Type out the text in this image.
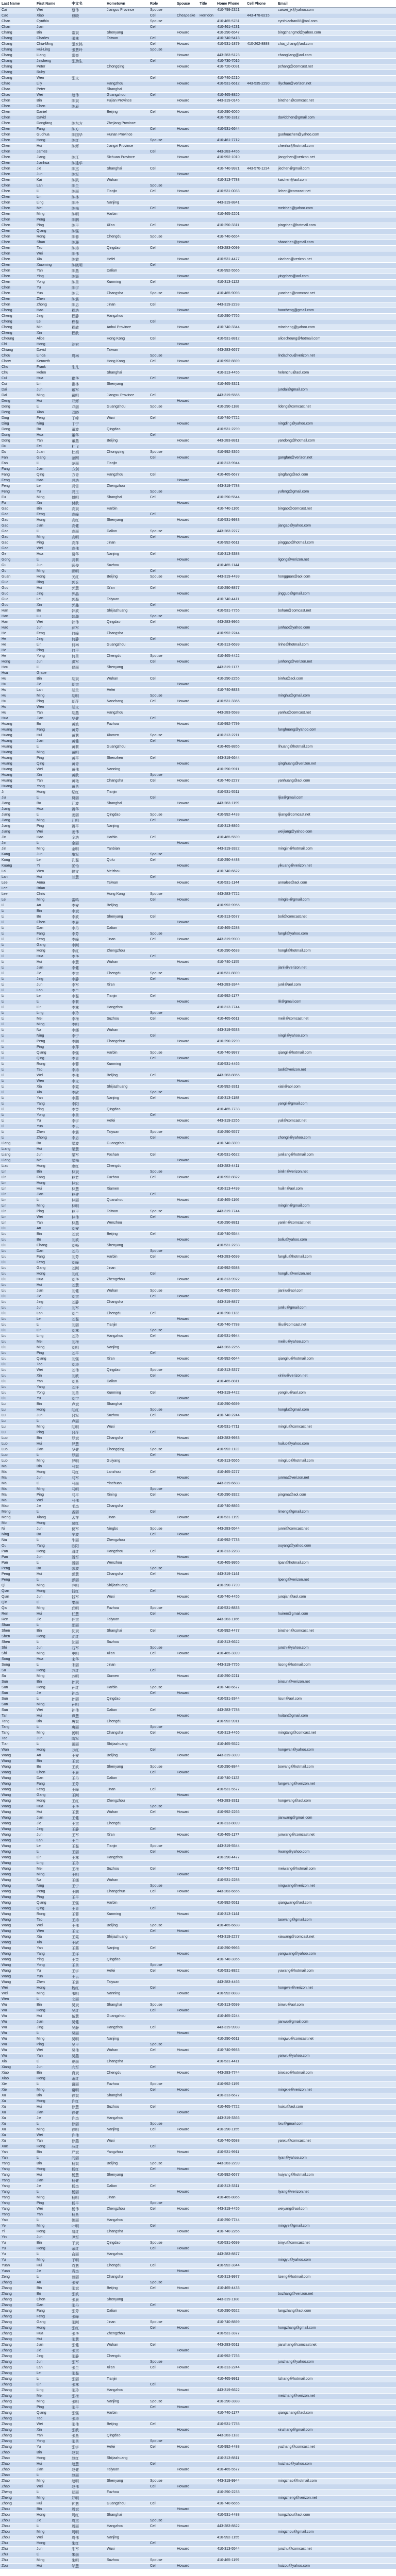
Last Name	First Name	中文名	Hometown	Role	Spouse	Title	Home Phone	Cell Phone	Email
Cai	Wei	蔡伟	Jiangsu Province	Spouse			410-799-2321		caiwei_jx@yahoo.com
Cao	Xiao	曹晓		Cell	Cheapeake	Herndon		443-478-8215	
Chan	Cynthia			Spouse			410-465-5781		cynthiachan88@aol.com
Chan	Jian			Cell			410-461-4231		
Chang	Bin	常斌	Shenyang		Howard		410-290-6547		bingchangmd@yahoo.com
Chang	Charles	張林	Taiwan	Cell			410-740-5413		
Chang	Chia-Ming	張家銘		Cell	Howard		410-531-1879	410-262-8888	chia_chang@aol.com
Chang	Hui-Ling	張慧玲		Spouse					
Chang	Liang	常亮			Howard		443-283-5123		changliang@aol.com
Chang	Jinsheng	张劲生		Cell			410-730-7016		
Chang	Peter		Chongqing		Howard		410-720-0031		pchang@comcast.net
Chang	Ruby								
Chang	Wen	张文		Cell			410-740-2210		
Chao	Lily		Hangzhou		Howard		410-531-6612	443-535-2290	lilychao@verizon.net
Chao	Peter		Shanghai						
Chao	Wei	赵伟	Guangzhou	Cell			410-465-8820		
Chen	Bin	陈斌	Fujian Province		Howard		443-319-0145		binchen@comcast.net
Chen	Chen	陈辰							
Chen	Daniel		Beijing	Cell	Howard		410-290-6060		
Chen	David						410-730-1812		davidchen@gmail.com
Chen	Dongfang	陈东方	Zhejiang Province						
Chen	Fang	陈方		Cell	Howard		410-531-6644		
Chen	Guohua	陈国华	Hunan Province						guohuachen@yahoo.com
Chen	Hong	陈红		Spouse			410-461-7712		
Chen	Hui	陈辉	Jiangxi Province		Howard				chenhui@hotmail.com
Chen	James			Cell			443-283-4455		
Chen	Jiang	陈江	Sichuan Province		Howard		410-992-1010		jiangchen@verizon.net
Chen	Jianhua	陈建华							
Chen	Jie	陈杰	Shanghai	Cell			410-740-9921	443-570-1234	jiechen@gmail.com
Chen	Jun	陈军			Howard				
Chen	Kai	陈凯	Wuhan				410-313-7788		kaichen@aol.com
Chen	Lan	陈兰		Spouse					
Chen	Li	陈丽	Tianjin	Cell	Howard		410-531-0033		lichen@comcast.net
Chen	Lin	陈林							
Chen	Ling	陈玲	Nanjing				443-319-8841		
Chen	Mei	陈梅		Cell	Howard				meichen@yahoo.com
Chen	Ming	陈明	Harbin				410-465-2201		
Chen	Peng	陈鹏							
Chen	Ping	陈平	Xi'an	Cell	Howard		410-290-3311		pingchen@hotmail.com
Chen	Qiang	陈强							
Chen	Rong	陈蓉	Chengdu	Spouse			410-740-6654		
Chen	Shan	陈珊			Howard				shanchen@gmail.com
Chen	Tao	陈涛	Qingdao	Cell			443-283-0099		
Chen	Wei	陈伟							
Chen	Xia	陈霞	Hefei		Howard		410-531-4477		xiachen@verizon.net
Chen	Xiaoming	陈晓明		Cell					
Chen	Yan	陈燕	Dalian				410-992-5566		
Chen	Ying	陈颖			Howard				yingchen@aol.com
Chen	Yong	陈勇	Kunming	Cell			410-313-1122		
Chen	Yu	陈宇							
Chen	Yun	陈云	Changsha	Spouse	Howard		410-465-9098		yunchen@comcast.net
Chen	Zhen	陈震							
Chen	Zhong	陈忠	Jinan	Cell			443-319-2233		
Cheng	Hao	程浩			Howard				haocheng@gmail.com
Cheng	Jing	程静	Hangzhou				410-290-7766		
Cheng	Lei	程磊		Cell					
Cheng	Min	程敏	Anhui Province		Howard		410-740-3344		mincheng@yahoo.com
Cheng	Xin	程欣							
Cheung	Alice		Hong Kong	Cell			410-531-8812		alicecheung@hotmail.com
Chi	Hong	池宏			Howard				
Chiang	David		Taiwan				443-283-6677		
Chou	Linda	周琳		Spouse					lindachou@verizon.net
Chow	Kenneth		Hong Kong	Cell	Howard		410-992-8899		
Chu	Frank	朱凡							
Chu	Helen		Shanghai				410-313-4455		helenchu@aol.com
Cui	Hua	崔华		Cell	Howard				
Cui	Lin	崔林	Shenyang				410-465-3321		
Dai	Jun	戴军							jundai@gmail.com
Dai	Ming	戴明	Jiangsu Province	Cell			443-319-5566		
Deng	Hui	邓辉			Howard				
Deng	Li	邓丽	Guangzhou	Spouse			410-290-1188		lideng@comcast.net
Deng	Xiao	邓晓							
Ding	Feng	丁峰	Wuxi	Cell			410-740-7722		
Ding	Ning	丁宁			Howard				ningding@yahoo.com
Dong	Bo	董波	Qingdao				410-531-2299		
Dong	Hua	董华		Cell					
Dong	Yan	董燕	Beijing		Howard		443-283-8811		yandong@hotmail.com
Du	Fei	杜飞							
Du	Juan	杜娟	Chongqing	Spouse			410-992-3366		
Fan	Gang	范刚		Cell	Howard				gangfan@verizon.net
Fan	Li	范丽	Tianjin				410-313-9944		
Fang	Jian	方剑							
Fang	Qing	方青	Hangzhou	Cell			410-465-6677		qingfang@aol.com
Feng	Hao	冯浩			Howard				
Feng	Lei	冯雷	Zhengzhou				443-319-7788		
Feng	Yu	冯玉		Spouse					yufeng@gmail.com
Fu	Ming	傅明	Shanghai	Cell			410-290-5544		
Fu	Xin	付欣			Howard				
Gao	Bin	高斌	Harbin				410-740-1166		bingao@comcast.net
Gao	Feng	高峰		Cell					
Gao	Hong	高红	Shenyang		Howard		410-531-9933		
Gao	Jian	高健							jiangao@yahoo.com
Gao	Li	高丽	Dalian	Spouse			443-283-2277		
Gao	Ming	高明		Cell	Howard				
Gao	Ping	高萍	Jinan				410-992-6611		pinggao@hotmail.com
Gao	Wei	高伟							
Ge	Hua	葛华	Nanjing	Cell			410-313-3388		
Gong	Li	龚莉			Howard				ligong@verizon.net
Gu	Jun	顾俊	Suzhou				410-465-1144		
Gu	Ming	顾明		Cell					
Guan	Hong	关红	Beijing	Spouse	Howard		443-319-4499		hongguan@aol.com
Guo	Bing	郭兵							
Guo	Hui	郭慧	Xi'an	Cell			410-290-8877		
Guo	Jing	郭晶			Howard				jingguo@gmail.com
Guo	Lei	郭磊	Taiyuan				410-740-4411		
Guo	Xin	郭鑫		Cell					
Han	Bo	韩波	Shijiazhuang		Howard		410-531-7755		bohan@comcast.net
Han	Lu	韩璐		Spouse					
Han	Wei	韩伟	Qingdao	Cell			443-283-9966		
Hao	Jun	郝军			Howard				junhao@yahoo.com
He	Feng	何峰	Changsha				410-992-2244		
He	Jing	何静		Cell					
He	Lin	何琳	Guangzhou		Howard		410-313-6699		linhe@hotmail.com
He	Ping	何平							
He	Yong	何勇	Chengdu	Spouse			410-465-4422		
Hong	Jun	洪军		Cell	Howard				junhong@verizon.net
Hou	Li	侯丽	Shenyang				443-319-1177		
Hsu	Grace								
Hu	Bin	胡斌	Wuhan	Cell			410-290-2255		binhu@aol.com
Hu	Jie	胡杰			Howard				
Hu	Lan	胡兰	Hefei				410-740-8833		
Hu	Ming	胡明		Spouse					minghu@gmail.com
Hu	Ping	胡萍	Nanchang	Cell	Howard		410-531-3366		
Hu	Wen	胡文							
Hu	Yan	胡燕	Hangzhou				443-283-5588		yanhu@comcast.net
Hua	Jian	华健		Cell					
Huang	Bo	黄波	Fuzhou		Howard		410-992-7799		
Huang	Fang	黄芳							fanghuang@yahoo.com
Huang	Hui	黄慧	Xiamen	Spouse			410-313-2211		
Huang	Jian	黄健		Cell	Howard				
Huang	Li	黄莉	Guangzhou				410-465-8855		lihuang@hotmail.com
Huang	Ming	黄明							
Huang	Ping	黄平	Shenzhen	Cell			443-319-6644		
Huang	Qing	黄青			Howard				qinghuang@verizon.net
Huang	Wei	黄伟	Nanning				410-290-9911		
Huang	Xin	黄欣		Spouse					
Huang	Yan	黄艳	Changsha	Cell	Howard		410-740-2277		yanhuang@aol.com
Huang	Yong	黄勇							
Ji	Hong	纪红	Tianjin				410-531-5511		
Jia	Li	贾丽		Cell					lijia@gmail.com
Jiang	Bo	江波	Shanghai		Howard		443-283-1199		
Jiang	Hua	蒋华							
Jiang	Li	姜丽	Qingdao	Spouse			410-992-4433		lijiang@comcast.net
Jiang	Ming	江明		Cell	Howard				
Jiang	Ping	蒋平	Nanjing				410-313-8866		
Jiang	Wei	姜伟							weijiang@yahoo.com
Jin	Hao	金浩	Harbin	Cell			410-465-5599		
Jin	Li	金丽			Howard				
Jin	Ming	金明	Yanbian				443-319-3322		mingjin@hotmail.com
Kang	Jun	康军		Spouse					
Kong	Lei	孔磊	Qufu	Cell			410-290-4488		
Kuang	Yi	匡怡			Howard				yikuang@verizon.net
Lai	Wen	赖文	Meizhou				410-740-6622		
Lan	Hui	兰慧		Cell					
Lee	Anna		Taiwan		Howard		410-531-1144		annalee@aol.com
Lee	Brian								
Lee	Chris		Hong Kong	Spouse			443-283-7722		
Lei	Ming	雷鸣		Cell	Howard				minglei@gmail.com
Li	An	李安	Beijing				410-992-9955		
Li	Bin	李斌							
Li	Bo	李波	Shenyang	Cell			410-313-5577		boli@comcast.net
Li	Chen	李晨			Howard				
Li	Dan	李丹	Dalian				410-465-2288		
Li	Fang	李芳		Spouse					fangli@yahoo.com
Li	Feng	李峰	Jinan	Cell	Howard		443-319-9900		
Li	Gang	李刚							
Li	Hong	李红	Zhengzhou				410-290-6633		hongli@hotmail.com
Li	Hua	李华		Cell					
Li	Hui	李慧	Wuhan		Howard		410-740-1155		
Li	Jian	李健							jianli@verizon.net
Li	Jie	李杰	Chengdu	Spouse			410-531-8899		
Li	Jing	李静		Cell	Howard				
Li	Jun	李军	Xi'an				443-283-3344		junli@aol.com
Li	Lan	李兰							
Li	Lei	李磊	Tianjin	Cell			410-992-1177		
Li	Li	李莉			Howard				lili@gmail.com
Li	Lin	李林	Hangzhou				410-313-7744		
Li	Ling	李玲		Spouse					
Li	Mei	李梅	Suzhou	Cell	Howard		410-465-6611		meili@comcast.net
Li	Ming	李明							
Li	Na	李娜	Wuhan				443-319-5533		
Li	Ning	李宁		Cell					ningli@yahoo.com
Li	Peng	李鹏	Changchun		Howard		410-290-2299		
Li	Ping	李萍							
Li	Qiang	李强	Harbin	Spouse			410-740-9977		qiangli@hotmail.com
Li	Qing	李青		Cell	Howard				
Li	Rong	李蓉	Kunming				410-531-4466		
Li	Tao	李涛							taoli@verizon.net
Li	Wei	李伟	Beijing	Cell			443-283-8855		
Li	Wen	李文			Howard				
Li	Xia	李霞	Shijiazhuang				410-992-3311		xiali@aol.com
Li	Xin	李欣		Spouse					
Li	Yan	李燕	Nanjing	Cell	Howard		410-313-1188		
Li	Yang	李阳							yangli@gmail.com
Li	Ying	李英	Qingdao				410-465-7733		
Li	Yong	李勇		Cell					
Li	Yu	李宇	Hefei		Howard		443-319-2266		yuli@comcast.net
Li	Yun	李云							
Li	Zhen	李震	Taiyuan	Spouse			410-290-5577		
Li	Zhong	李忠		Cell	Howard				zhongli@yahoo.com
Liang	Bo	梁波	Guangzhou				410-740-3399		
Liang	Hui	梁慧							
Liang	Jun	梁军	Foshan	Cell			410-531-6622		junliang@hotmail.com
Liang	Mei	梁梅			Howard				
Liao	Hong	廖红	Chengdu				443-283-4411		
Lin	Bin	林斌		Spouse					binlin@verizon.net
Lin	Fang	林芳	Fuzhou	Cell	Howard		410-992-8822		
Lin	Hong	林宏							
Lin	Hui	林慧	Xiamen				410-313-4499		huilin@aol.com
Lin	Jian	林建		Cell					
Lin	Li	林丽	Quanzhou		Howard		410-465-1166		
Lin	Ming	林明							minglin@gmail.com
Lin	Ping	林平	Taiwan	Spouse			443-319-7744		
Lin	Wei	林伟		Cell	Howard				
Lin	Yan	林燕	Wenzhou				410-290-8811		yanlin@comcast.net
Liu	An	刘安							
Liu	Bin	刘斌	Beijing	Cell			410-740-5544		
Liu	Bo	刘波			Howard				boliu@yahoo.com
Liu	Chang	刘畅	Shenyang				410-531-2233		
Liu	Dan	刘丹		Spouse					
Liu	Fang	刘芳	Harbin	Cell	Howard		443-283-6699		fangliu@hotmail.com
Liu	Feng	刘峰							
Liu	Gang	刘刚	Jinan				410-992-5588		
Liu	Hong	刘红		Cell					hongliu@verizon.net
Liu	Hua	刘华	Zhengzhou		Howard		410-313-9922		
Liu	Hui	刘慧							
Liu	Jian	刘健	Wuhan	Spouse			410-465-3355		jianliu@aol.com
Liu	Jie	刘杰		Cell	Howard				
Liu	Jing	刘静	Changsha				443-319-8877		
Liu	Jun	刘军							junliu@gmail.com
Liu	Lan	刘兰	Chengdu	Cell			410-290-1133		
Liu	Lei	刘磊			Howard				
Liu	Li	刘丽	Tianjin				410-740-7788		liliu@comcast.net
Liu	Lin	刘林		Spouse					
Liu	Ling	刘玲	Hangzhou	Cell	Howard		410-531-9944		
Liu	Mei	刘梅							meiliu@yahoo.com
Liu	Ming	刘明	Nanjing				443-283-2255		
Liu	Ping	刘平		Cell					
Liu	Qiang	刘强	Xi'an		Howard		410-992-6644		qiangliu@hotmail.com
Liu	Tao	刘涛							
Liu	Wei	刘伟	Qingdao	Spouse			410-313-3377		
Liu	Xin	刘欣		Cell	Howard				xinliu@verizon.net
Liu	Yan	刘燕	Dalian				410-465-8811		
Liu	Yang	刘洋							
Liu	Yong	刘勇	Kunming	Cell			443-319-4422		yongliu@aol.com
Liu	Yu	刘宇			Howard				
Lu	Bin	卢斌	Shanghai				410-290-6699		
Lu	Hong	陆红		Spouse					honglu@gmail.com
Lu	Jun	吕军	Suzhou	Cell	Howard		410-740-2244		
Lu	Li	卢丽							
Lu	Ming	陆明	Wuxi				410-531-7711		minglu@comcast.net
Lu	Ping	吕萍		Cell					
Luo	Bin	罗斌	Changsha		Howard		443-283-9933		
Luo	Hui	罗慧							huiluo@yahoo.com
Luo	Jian	罗健	Chongqing	Spouse			410-992-1122		
Luo	Li	罗丽		Cell	Howard				
Luo	Ming	罗明	Guiyang				410-313-5566		mingluo@hotmail.com
Ma	Bin	马斌							
Ma	Hong	马红	Lanzhou	Cell			410-465-2277		
Ma	Jun	马军			Howard				junma@verizon.net
Ma	Li	马丽	Yinchuan				443-319-6688		
Ma	Ming	马明		Spouse					
Ma	Ping	马平	Xining	Cell	Howard		410-290-3322		pingma@aol.com
Ma	Wei	马伟							
Mao	Jie	毛杰	Changsha				410-740-8866		
Meng	Li	孟丽		Cell					limeng@gmail.com
Meng	Xiang	孟祥	Jinan		Howard		410-531-1199		
Mo	Hong	莫红							
Ni	Jun	倪军	Ningbo	Spouse			443-283-5544		junni@comcast.net
Ning	Bo	宁波		Cell	Howard				
Niu	Li	牛丽	Zhengzhou				410-992-7733		
Ou	Yang	欧阳							ouyang@yahoo.com
Pan	Hong	潘红	Hangzhou	Cell			410-313-2288		
Pan	Jun	潘军			Howard				
Pan	Li	潘丽	Wenzhou				410-465-9955		lipan@hotmail.com
Peng	Bo	彭波		Spouse					
Peng	Hui	彭慧	Changsha	Cell	Howard		443-319-1144		
Peng	Li	彭丽							lipeng@verizon.net
Qi	Ming	齐明	Shijiazhuang				410-290-7799		
Qian	Hong	钱红		Cell					
Qian	Jun	钱军	Wuxi		Howard		410-740-4455		junqian@aol.com
Qin	Li	秦丽							
Qiu	Ming	邱明	Fuzhou	Spouse			410-531-8833		
Ren	Hui	任慧		Cell	Howard				huiren@gmail.com
Ren	Jie	任杰	Taiyuan				443-283-1166		
Shao	Li	邵丽							
Shen	Bin	沈斌	Shanghai	Cell			410-992-4477		binshen@comcast.net
Shen	Hong	沈红			Howard				
Shen	Li	沈丽	Suzhou				410-313-6622		
Shi	Jun	石军		Spouse					junshi@yahoo.com
Shi	Ming	史明	Xi'an	Cell	Howard		410-465-3399		
Song	Hua	宋华							
Song	Li	宋丽	Jinan				443-319-7755		lisong@hotmail.com
Su	Hong	苏红		Cell					
Su	Ming	苏明	Xiamen		Howard		410-290-2211		
Sun	Bin	孙斌							binsun@verizon.net
Sun	Hong	孙红	Harbin	Spouse			410-740-6677		
Sun	Jie	孙杰		Cell	Howard				
Sun	Li	孙丽	Qingdao				410-531-3344		lisun@aol.com
Sun	Ming	孙明							
Sun	Wei	孙伟	Dalian	Cell			443-283-7788		
Tan	Hui	谭慧			Howard				huitan@gmail.com
Tang	Bin	唐斌	Chengdu				410-992-9911		
Tang	Li	唐丽		Spouse					
Tang	Ming	汤明	Changsha	Cell	Howard		410-313-4466		mingtang@comcast.net
Tao	Jun	陶军							
Tian	Li	田丽	Shijiazhuang				410-465-5522		
Wan	Hong	万红		Cell					hongwan@yahoo.com
Wang	An	王安	Beijing		Howard		443-319-3399		
Wang	Bin	王斌							
Wang	Bo	王波	Shenyang	Spouse			410-290-8844		bowang@hotmail.com
Wang	Chen	王晨		Cell	Howard				
Wang	Dan	王丹	Dalian				410-740-1122		
Wang	Fang	王芳							fangwang@verizon.net
Wang	Feng	王峰	Jinan	Cell			410-531-5577		
Wang	Gang	王刚			Howard				
Wang	Hong	王红	Zhengzhou				443-283-3311		hongwang@aol.com
Wang	Hua	王华		Spouse					
Wang	Hui	王慧	Wuhan	Cell	Howard		410-992-2266		
Wang	Jian	王健							jianwang@gmail.com
Wang	Jie	王杰	Chengdu				410-313-8899		
Wang	Jing	王静		Cell					
Wang	Jun	王军	Xi'an		Howard		410-465-1177		junwang@comcast.net
Wang	Lan	王兰							
Wang	Lei	王磊	Tianjin	Spouse			443-319-5544		
Wang	Li	王丽		Cell	Howard				liwang@yahoo.com
Wang	Lin	王林	Hangzhou				410-290-4477		
Wang	Ling	王玲							
Wang	Mei	王梅	Suzhou	Cell			410-740-7711		meiwang@hotmail.com
Wang	Ming	王明			Howard				
Wang	Na	王娜	Wuhan				410-531-2288		
Wang	Ning	王宁		Spouse					ningwang@verizon.net
Wang	Peng	王鹏	Changchun	Cell	Howard		443-283-6655		
Wang	Ping	王平							
Wang	Qiang	王强	Harbin				410-992-5511		qiangwang@aol.com
Wang	Qing	王青		Cell					
Wang	Rong	王蓉	Kunming		Howard		410-313-1144		
Wang	Tao	王涛							taowang@gmail.com
Wang	Wei	王伟	Beijing	Spouse			410-465-6688		
Wang	Wen	王文		Cell	Howard				
Wang	Xia	王霞	Shijiazhuang				443-319-2277		xiawang@comcast.net
Wang	Xin	王欣							
Wang	Yan	王燕	Nanjing	Cell			410-290-9966		
Wang	Yang	王洋			Howard				yangwang@yahoo.com
Wang	Ying	王英	Qingdao				410-740-3355		
Wang	Yong	王勇		Spouse					
Wang	Yu	王宇	Hefei	Cell	Howard		410-531-8822		yuwang@hotmail.com
Wang	Yun	王云							
Wang	Zhen	王震	Taiyuan				443-283-4466		
Wei	Hong	魏红		Cell					hongwei@verizon.net
Wei	Ming	韦明	Nanning		Howard		410-992-8833		
Wen	Li	文丽							
Wu	Bin	吴斌	Shanghai	Spouse			410-313-5599		binwu@aol.com
Wu	Hong	吴红		Cell	Howard				
Wu	Hui	伍慧	Guangzhou				410-465-2244		
Wu	Jian	吴健							jianwu@gmail.com
Wu	Jing	吴静	Hangzhou	Cell			443-319-9988		
Wu	Li	吴丽			Howard				
Wu	Ming	吴明	Nanjing				410-290-6611		mingwu@comcast.net
Wu	Ping	吴平		Spouse					
Wu	Wei	吴伟	Wuhan	Cell	Howard		410-740-9933		
Wu	Yan	吴燕							yanwu@yahoo.com
Xia	Li	夏丽	Changsha				410-531-4411		
Xiang	Jun	向军		Cell					
Xiao	Bin	肖斌	Chengdu		Howard		443-283-7744		binxiao@hotmail.com
Xiao	Hong	萧红							
Xie	Li	谢丽	Fuzhou	Spouse			410-992-1199		
Xie	Ming	谢明		Cell	Howard				mingxie@verizon.net
Xu	Bin	徐斌	Shanghai				410-313-6677		
Xu	Hong	许红							
Xu	Hui	徐慧	Suzhou	Cell			410-465-7722		huixu@aol.com
Xu	Jian	徐健			Howard				
Xu	Jie	许杰	Hangzhou				443-319-3366		
Xu	Li	徐丽		Spouse					lixu@gmail.com
Xu	Ming	徐明	Nanjing	Cell	Howard		410-290-1155		
Xu	Wei	许伟							
Xu	Yan	徐燕	Wuxi				410-740-5588		yanxu@comcast.net
Xue	Hong	薛红		Cell					
Yan	Bin	严斌	Yangzhou		Howard		410-531-9911		
Yan	Li	闫丽							liyan@yahoo.com
Yang	Bin	杨斌	Beijing	Spouse			443-283-2299		
Yang	Hong	杨红		Cell	Howard				
Yang	Hui	杨慧	Shenyang				410-992-6677		huiyang@hotmail.com
Yang	Jian	杨健							
Yang	Jie	杨杰	Dalian	Cell			410-313-3311		
Yang	Li	杨丽			Howard				liyang@verizon.net
Yang	Ming	杨明	Jinan				410-465-8866		
Yang	Ping	杨平		Spouse					
Yang	Wei	杨伟	Zhengzhou	Cell	Howard		443-319-4455		weiyang@aol.com
Yang	Yan	杨燕							
Yao	Li	姚丽	Hangzhou				410-290-7744		
Ye	Ming	叶明		Cell					mingye@gmail.com
Yi	Hong	易红	Changsha		Howard		410-740-2266		
Yin	Jun	尹军							
Yu	Bin	于斌	Qingdao	Spouse			410-531-6699		binyu@comcast.net
Yu	Hong	余红		Cell	Howard				
Yu	Li	俞丽	Hangzhou				443-283-8877		
Yu	Ming	于明							mingyu@yahoo.com
Yuan	Hui	袁慧	Chengdu	Cell			410-992-3344		
Yuan	Jie	袁杰			Howard				
Zeng	Li	曾丽	Changsha				410-313-9977		lizeng@hotmail.com
Zhang	An	张安		Spouse					
Zhang	Bin	张斌	Beijing	Cell	Howard		410-465-4433		
Zhang	Bo	张波							bozhang@verizon.net
Zhang	Chen	张晨	Shenyang				443-319-1188		
Zhang	Dan	张丹		Cell					
Zhang	Fang	张芳	Dalian		Howard		410-290-5522		fangzhang@aol.com
Zhang	Feng	张峰							
Zhang	Gang	张刚	Jinan	Spouse			410-740-8899		
Zhang	Hong	张红		Cell	Howard				hongzhang@gmail.com
Zhang	Hua	张华	Zhengzhou				410-531-3377		
Zhang	Hui	张慧							
Zhang	Jian	张健	Wuhan	Cell			443-283-5511		jianzhang@comcast.net
Zhang	Jie	张杰			Howard				
Zhang	Jing	张静	Chengdu				410-992-7766		
Zhang	Jun	张军		Spouse					junzhang@yahoo.com
Zhang	Lan	张兰	Xi'an	Cell	Howard		410-313-2244		
Zhang	Lei	张磊							
Zhang	Li	张丽	Tianjin				410-465-9911		lizhang@hotmail.com
Zhang	Lin	张林		Cell					
Zhang	Ling	张玲	Hangzhou		Howard		443-319-6622		
Zhang	Mei	张梅							meizhang@verizon.net
Zhang	Ming	张明	Nanjing	Spouse			410-290-3388		
Zhang	Ping	张平		Cell	Howard				
Zhang	Qiang	张强	Harbin				410-740-1177		qiangzhang@aol.com
Zhang	Tao	张涛							
Zhang	Wei	张伟	Beijing	Cell			410-531-7755		
Zhang	Xin	张欣			Howard				xinzhang@gmail.com
Zhang	Yan	张燕	Qingdao				443-283-1133		
Zhang	Yong	张勇		Spouse					
Zhang	Yu	张宇	Hefei	Cell	Howard		410-992-4488		yuzhang@comcast.net
Zhao	Bin	赵斌							
Zhao	Hong	赵红	Shijiazhuang				410-313-8811		
Zhao	Hui	赵慧		Cell					huizhao@yahoo.com
Zhao	Jian	赵健	Taiyuan		Howard		410-465-5577		
Zhao	Li	赵丽							
Zhao	Ming	赵明	Shenyang	Spouse			443-319-9944		mingzhao@hotmail.com
Zhao	Wei	赵伟		Cell	Howard				
Zheng	Li	郑丽	Fuzhou				410-290-2233		
Zheng	Ming	郑明							mingzheng@verizon.net
Zhong	Hui	钟慧	Guangzhou	Cell			410-740-6655		
Zhou	Bin	周斌			Howard				
Zhou	Hong	周红	Shanghai				410-531-4488		hongzhou@aol.com
Zhou	Jie	周杰		Spouse					
Zhou	Li	周丽	Hangzhou	Cell	Howard		443-283-8822		
Zhou	Ming	周明							mingzhou@gmail.com
Zhou	Wei	周伟	Nanjing				410-992-1155		
Zhu	Hong	朱红		Cell					
Zhu	Jun	朱军	Wuxi		Howard		410-313-5544		junzhu@comcast.net
Zhu	Li	朱丽							
Zhu	Ming	朱明	Suzhou	Spouse			410-465-1199		
Zou	Hui	邹慧		Cell	Howard				huizou@yahoo.com
